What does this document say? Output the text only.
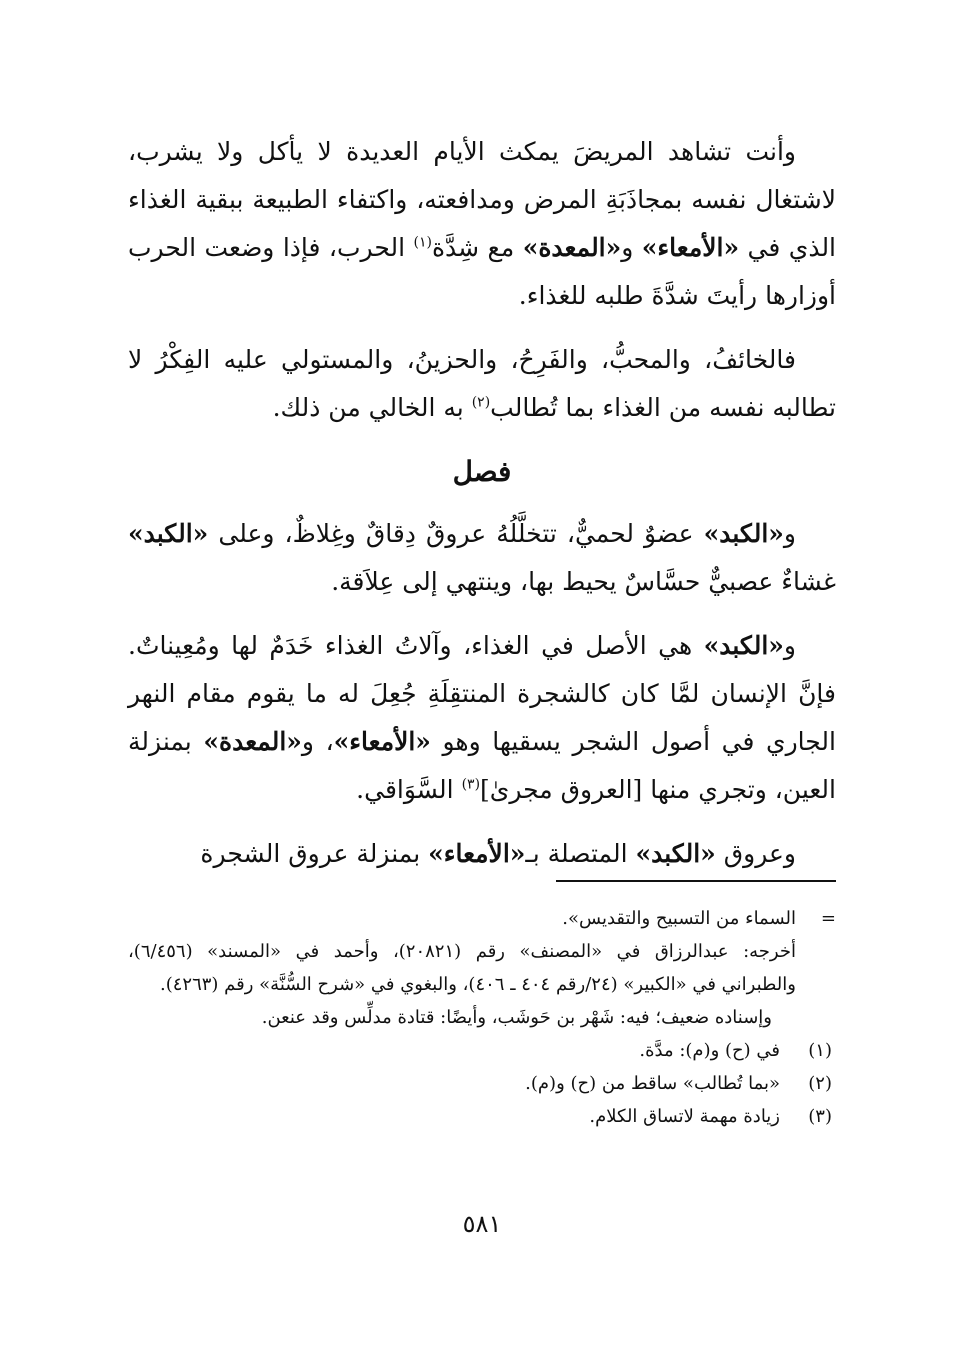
وأنت تشاهد المريضَ يمكث الأيام العديدة لا يأكل ولا يشرب، لاشتغال نفسه بمجاذَبَةِ المرض ومدافعته، واكتفاء الطبيعة ببقية الغذاء الذي في «الأمعاء» و«المعدة» مع شِدَّة$^{(١)}$ الحرب، فإذا وضعت الحرب أوزارها رأيتَ شدَّةَ طلبه للغذاء.

فالخائفُ، والمحبُّ، والفَرِحُ، والحزينُ، والمستولي عليه الفِكْرُ لا تطالبه نفسه من الغذاء بما تُطالب$^{(٢)}$ به الخالي من ذلك.

فصل

و«الكبد» عضوٌ لحميٌّ، تتخلَّلُهُ عروقٌ دِقاقٌ وغِلاظٌ، وعلى «الكبد» غشاءٌ عصبيٌّ حسَّاسٌ يحيط بها، وينتهي إلى عِلاَقة.

و«الكبد» هي الأصل في الغذاء، وآلاتُ الغذاء خَدَمٌ لها ومُعِيناتٌ. فإنَّ الإنسان لمَّا كان كالشجرة المنتقِلَةِ جُعِلَ له ما يقوم مقام النهر الجاري في أصول الشجر يسقيها وهو «الأمعاء»، و«المعدة» بمنزلة العين، وتجري منها [العروق مجرىٰ]$^{(٣)}$ السَّوَاقي.

وعروق «الكبد» المتصلة بـ«الأمعاء» بمنزلة عروق الشجرة

=

السماء من التسبيح والتقديس».

أخرجه: عبدالرزاق في «المصنف» رقم (٢٠٨٢١)، وأحمد في «المسند» (٦/٤٥٦)، والطبراني في «الكبير» (٢٤/رقم ٤٠٤ ـ ٤٠٦)، والبغوي في «شرح السُّنَّة» رقم (٤٢٦٣).

وإسناده ضعيف؛ فيه: شَهْر بن حَوشَب، وأيضًا: قتادة مدلِّس وقد عنعن.

(١)
في (ح) و(م): مدَّة.
(٢)
«بما تُطالب» ساقط من (ح) و(م).
(٣)
زيادة مهمة لاتساق الكلام.
٥٨١
